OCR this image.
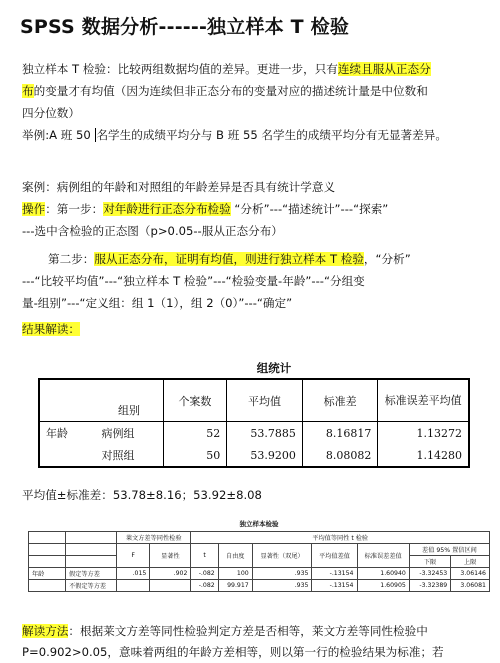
SPSS 数据分析------独立样本 T 检验
独立样本 T 检验：比较两组数据均值的差异。更进一步，只有连续且服从正态分
布的变量才有均值（因为连续但非正态分布的变量对应的描述统计量是中位数和
四分位数）
举例:A 班 50 名学生的成绩平均分与 B 班 55 名学生的成绩平均分有无显著差异。
案例：病例组的年龄和对照组的年龄差异是否具有统计学意义
操作：第一步：对年龄进行正态分布检验 “分析”---“描述统计”---“探索”
---选中含检验的正态图（p>0.05--服从正态分布）
第二步：服从正态分布，证明有均值，则进行独立样本 T 检验，“分析”
---“比较平均值”---“独立样本 T 检验”---“检验变量-年龄”---“分组变
量-组别”---“定义组：组 1（1），组 2（0）”---“确定”
结果解读：
组统计
	组别	个案数	平均值	标准差	标准误差平均值
年龄	病例组	52	53.7885	8.16817	1.13272
	对照组	50	53.9200	8.08082	1.14280
平均值±标准差：53.78±8.16；53.92±8.08
独立样本检验
		莱文方差等同性检验		平均值等同性 t 检验						
		F	显著性	t	自由度	显著性（双尾）	平均值差值	标准误差差值	差值 95% 置信区间	
									下限	上限
年龄	假定等方差	.015	.902	-.082	100	.935	-.13154	1.60940	-3.32453	3.06146
	不假定等方差			-.082	99.917	.935	-.13154	1.60905	-3.32389	3.06081
解读方法：根据莱文方差等同性检验判定方差是否相等，莱文方差等同性检验中
P=0.902>0.05，意味着两组的年龄方差相等，则以第一行的检验结果为标准；若
